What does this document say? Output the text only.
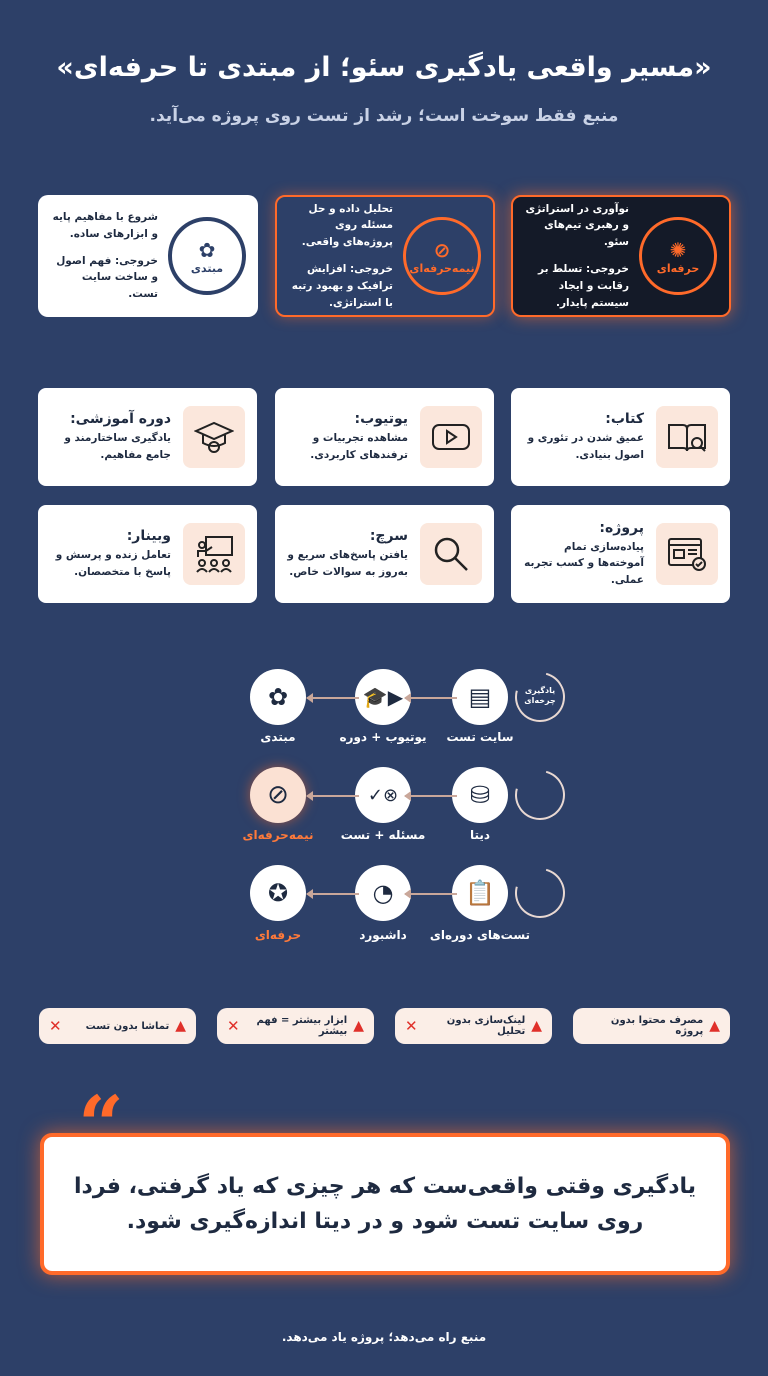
«مسیر واقعی یادگیری سئو؛ از مبتدی تا حرفه‌ای»
منبع فقط سوخت است؛ رشد از تست روی پروژه می‌آید.
✺
حرفه‌ای

نوآوری در استراتژی و رهبری تیم‌های سئو.

خروجی: تسلط بر رقابت و ایجاد سیستم پایدار.

⊘
نیمه‌حرفه‌ای

تحلیل داده و حل مسئله روی پروژه‌های واقعی.

خروجی: افزایش ترافیک و بهبود رتبه با استراتژی.

✿
مبتدی

شروع با مفاهیم پایه و ابزارهای ساده.

خروجی: فهم اصول و ساخت سایت تست.

کتاب:
عمیق شدن در تئوری و اصول بنیادی.
یوتیوب:
مشاهده تجربیات و ترفندهای کاربردی.
دوره آموزشی:
یادگیری ساختارمند و جامع مفاهیم.
پروژه:
پیاده‌سازی تمام آموخته‌ها و کسب تجربه عملی.
سرچ:
یافتن پاسخ‌های سریع و به‌روز به سوالات خاص.
وبینار:
تعامل زنده و پرسش و پاسخ با متخصصان.
یادگیری چرخه‌ای
▤
▶🎓
✿
سایت تست
یوتیوب + دوره
مبتدی
⛁
⊗✓
⊘
دیتا
مسئله + تست
نیمه‌حرفه‌ای
📋
◔
✪
تست‌های دوره‌ای
داشبورد
حرفه‌ای
▲
مصرف محتوا بدون پروژه
▲
لینک‌سازی بدون تحلیل
✕
▲
ابزار بیشتر = فهم بیشتر
✕
▲
تماشا بدون تست
✕
یادگیری وقتی واقعی‌ست که هر چیزی که یاد گرفتی، فردا روی سایت تست شود و در دیتا اندازه‌گیری شود.
“
منبع راه می‌دهد؛ پروژه یاد می‌دهد.
